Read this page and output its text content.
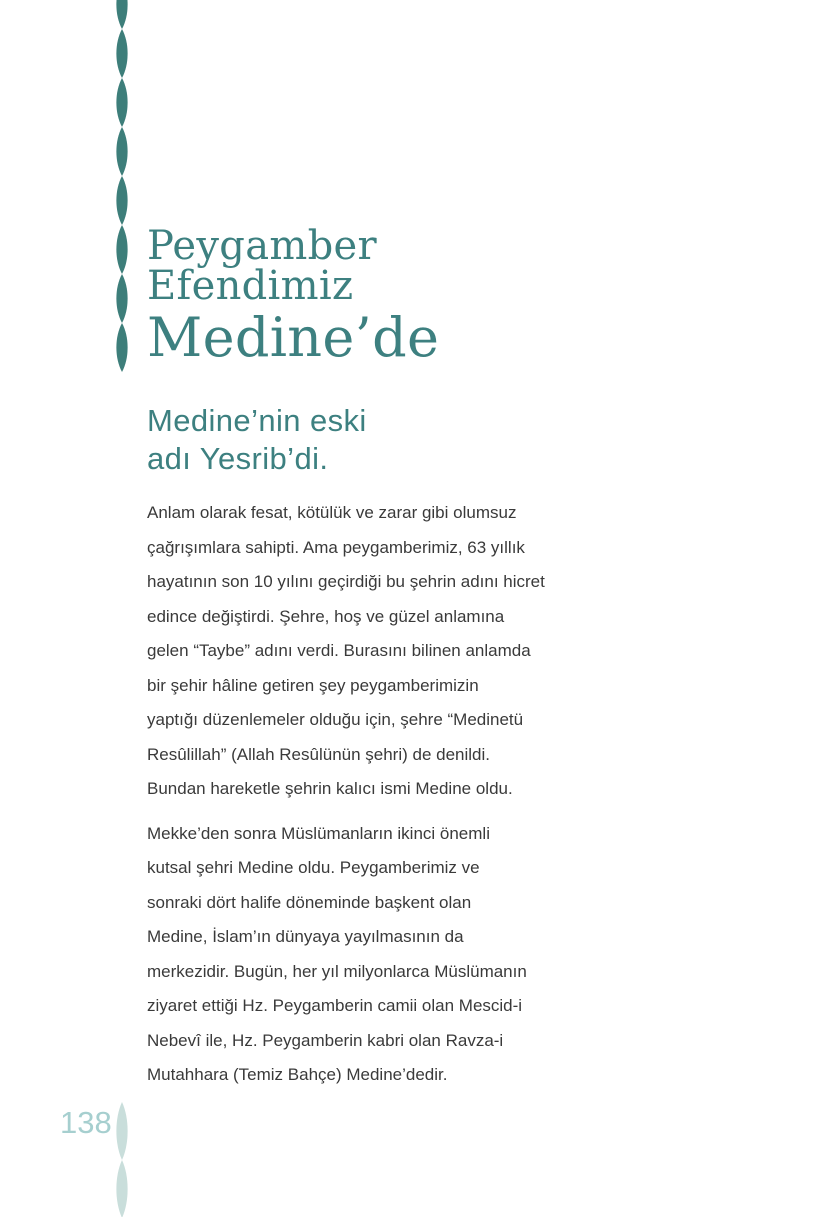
Peygamber
Efendimiz
Medine’de
Medine’nin eski
adı Yesrib’di.
Anlam olarak fesat, kötülük ve zarar gibi olumsuz
çağrışımlara sahipti. Ama peygamberimiz, 63 yıllık
hayatının son 10 yılını geçirdiği bu şehrin adını hicret
edince değiştirdi. Şehre, hoş ve güzel anlamına
gelen “Taybe” adını verdi. Burasını bilinen anlamda
bir şehir hâline getiren şey peygamberimizin
yaptığı düzenlemeler olduğu için, şehre “Medinetü
Resûlillah” (Allah Resûlünün şehri) de denildi.
Bundan hareketle şehrin kalıcı ismi Medine oldu.
Mekke’den sonra Müslümanların ikinci önemli
kutsal şehri Medine oldu. Peygamberimiz ve
sonraki dört halife döneminde başkent olan
Medine, İslam’ın dünyaya yayılmasının da
merkezidir. Bugün, her yıl milyonlarca Müslümanın
ziyaret ettiği Hz. Peygamberin camii olan Mescid-i
Nebevî ile, Hz. Peygamberin kabri olan Ravza-i
Mutahhara (Temiz Bahçe) Medine’dedir.
138
